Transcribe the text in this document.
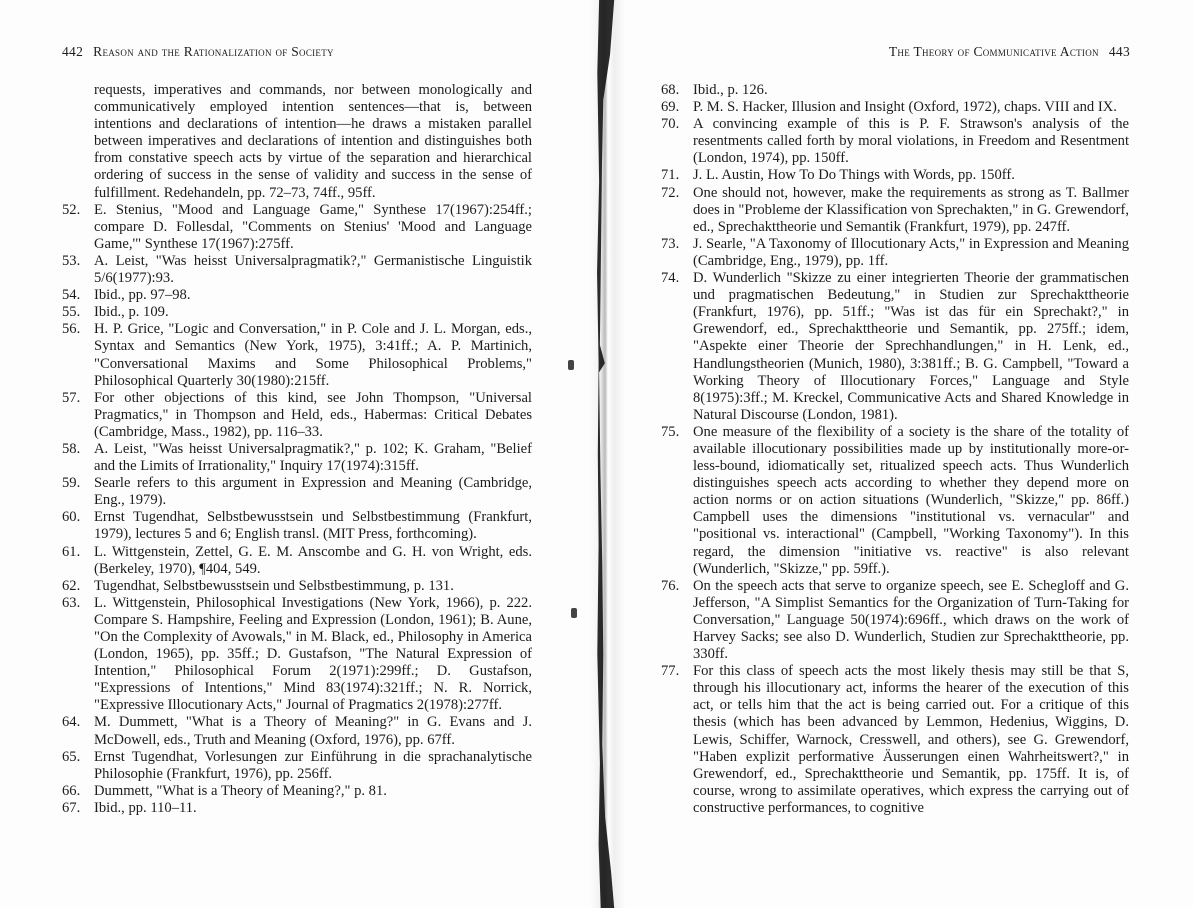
442 Reason and the Rationalization of Society
requests, imperatives and commands, nor between monologically and communicatively employed intention sentences—that is, between intentions and declarations of intention—he draws a mistaken parallel between imperatives and declarations of intention and distinguishes both from constative speech acts by virtue of the separation and hierarchical ordering of success in the sense of validity and success in the sense of fulfillment. Redehandeln, pp. 72–73, 74ff., 95ff.
52. E. Stenius, "Mood and Language Game," Synthese 17(1967):254ff.; compare D. Follesdal, "Comments on Stenius' 'Mood and Language Game,'" Synthese 17(1967):275ff.
53. A. Leist, "Was heisst Universalpragmatik?," Germanistische Linguistik 5/6(1977):93.
54. Ibid., pp. 97–98.
55. Ibid., p. 109.
56. H. P. Grice, "Logic and Conversation," in P. Cole and J. L. Morgan, eds., Syntax and Semantics (New York, 1975), 3:41ff.; A. P. Martinich, "Conversational Maxims and Some Philosophical Problems," Philosophical Quarterly 30(1980):215ff.
57. For other objections of this kind, see John Thompson, "Universal Pragmatics," in Thompson and Held, eds., Habermas: Critical Debates (Cambridge, Mass., 1982), pp. 116–33.
58. A. Leist, "Was heisst Universalpragmatik?," p. 102; K. Graham, "Belief and the Limits of Irrationality," Inquiry 17(1974):315ff.
59. Searle refers to this argument in Expression and Meaning (Cambridge, Eng., 1979).
60. Ernst Tugendhat, Selbstbewusstsein und Selbstbestimmung (Frankfurt, 1979), lectures 5 and 6; English transl. (MIT Press, forthcoming).
61. L. Wittgenstein, Zettel, G. E. M. Anscombe and G. H. von Wright, eds. (Berkeley, 1970), ¶404, 549.
62. Tugendhat, Selbstbewusstsein und Selbstbestimmung, p. 131.
63. L. Wittgenstein, Philosophical Investigations (New York, 1966), p. 222. Compare S. Hampshire, Feeling and Expression (London, 1961); B. Aune, "On the Complexity of Avowals," in M. Black, ed., Philosophy in America (London, 1965), pp. 35ff.; D. Gustafson, "The Natural Expression of Intention," Philosophical Forum 2(1971):299ff.; D. Gustafson, "Expressions of Intentions," Mind 83(1974):321ff.; N. R. Norrick, "Expressive Illocutionary Acts," Journal of Pragmatics 2(1978):277ff.
64. M. Dummett, "What is a Theory of Meaning?" in G. Evans and J. McDowell, eds., Truth and Meaning (Oxford, 1976), pp. 67ff.
65. Ernst Tugendhat, Vorlesungen zur Einführung in die sprachanalytische Philosophie (Frankfurt, 1976), pp. 256ff.
66. Dummett, "What is a Theory of Meaning?," p. 81.
67. Ibid., pp. 110–11.
The Theory of Communicative Action 443
68. Ibid., p. 126.
69. P. M. S. Hacker, Illusion and Insight (Oxford, 1972), chaps. VIII and IX.
70. A convincing example of this is P. F. Strawson's analysis of the resentments called forth by moral violations, in Freedom and Resentment (London, 1974), pp. 150ff.
71. J. L. Austin, How To Do Things with Words, pp. 150ff.
72. One should not, however, make the requirements as strong as T. Ballmer does in "Probleme der Klassification von Sprechakten," in G. Grewendorf, ed., Sprechakttheorie und Semantik (Frankfurt, 1979), pp. 247ff.
73. J. Searle, "A Taxonomy of Illocutionary Acts," in Expression and Meaning (Cambridge, Eng., 1979), pp. 1ff.
74. D. Wunderlich "Skizze zu einer integrierten Theorie der grammatischen und pragmatischen Bedeutung," in Studien zur Sprechakttheorie (Frankfurt, 1976), pp. 51ff.; "Was ist das für ein Sprechakt?," in Grewendorf, ed., Sprechakttheorie und Semantik, pp. 275ff.; idem, "Aspekte einer Theorie der Sprechhandlungen," in H. Lenk, ed., Handlungstheorien (Munich, 1980), 3:381ff.; B. G. Campbell, "Toward a Working Theory of Illocutionary Forces," Language and Style 8(1975):3ff.; M. Kreckel, Communicative Acts and Shared Knowledge in Natural Discourse (London, 1981).
75. One measure of the flexibility of a society is the share of the totality of available illocutionary possibilities made up by institutionally more-or-less-bound, idiomatically set, ritualized speech acts. Thus Wunderlich distinguishes speech acts according to whether they depend more on action norms or on action situations (Wunderlich, "Skizze," pp. 86ff.) Campbell uses the dimensions "institutional vs. vernacular" and "positional vs. interactional" (Campbell, "Working Taxonomy"). In this regard, the dimension "initiative vs. reactive" is also relevant (Wunderlich, "Skizze," pp. 59ff.).
76. On the speech acts that serve to organize speech, see E. Schegloff and G. Jefferson, "A Simplist Semantics for the Organization of Turn-Taking for Conversation," Language 50(1974):696ff., which draws on the work of Harvey Sacks; see also D. Wunderlich, Studien zur Sprechakttheorie, pp. 330ff.
77. For this class of speech acts the most likely thesis may still be that S, through his illocutionary act, informs the hearer of the execution of this act, or tells him that the act is being carried out. For a critique of this thesis (which has been advanced by Lemmon, Hedenius, Wiggins, D. Lewis, Schiffer, Warnock, Cresswell, and others), see G. Grewendorf, "Haben explizit performative Äusserungen einen Wahrheitswert?," in Grewendorf, ed., Sprechakttheorie und Semantik, pp. 175ff. It is, of course, wrong to assimilate operatives, which express the carrying out of constructive performances, to cognitive
